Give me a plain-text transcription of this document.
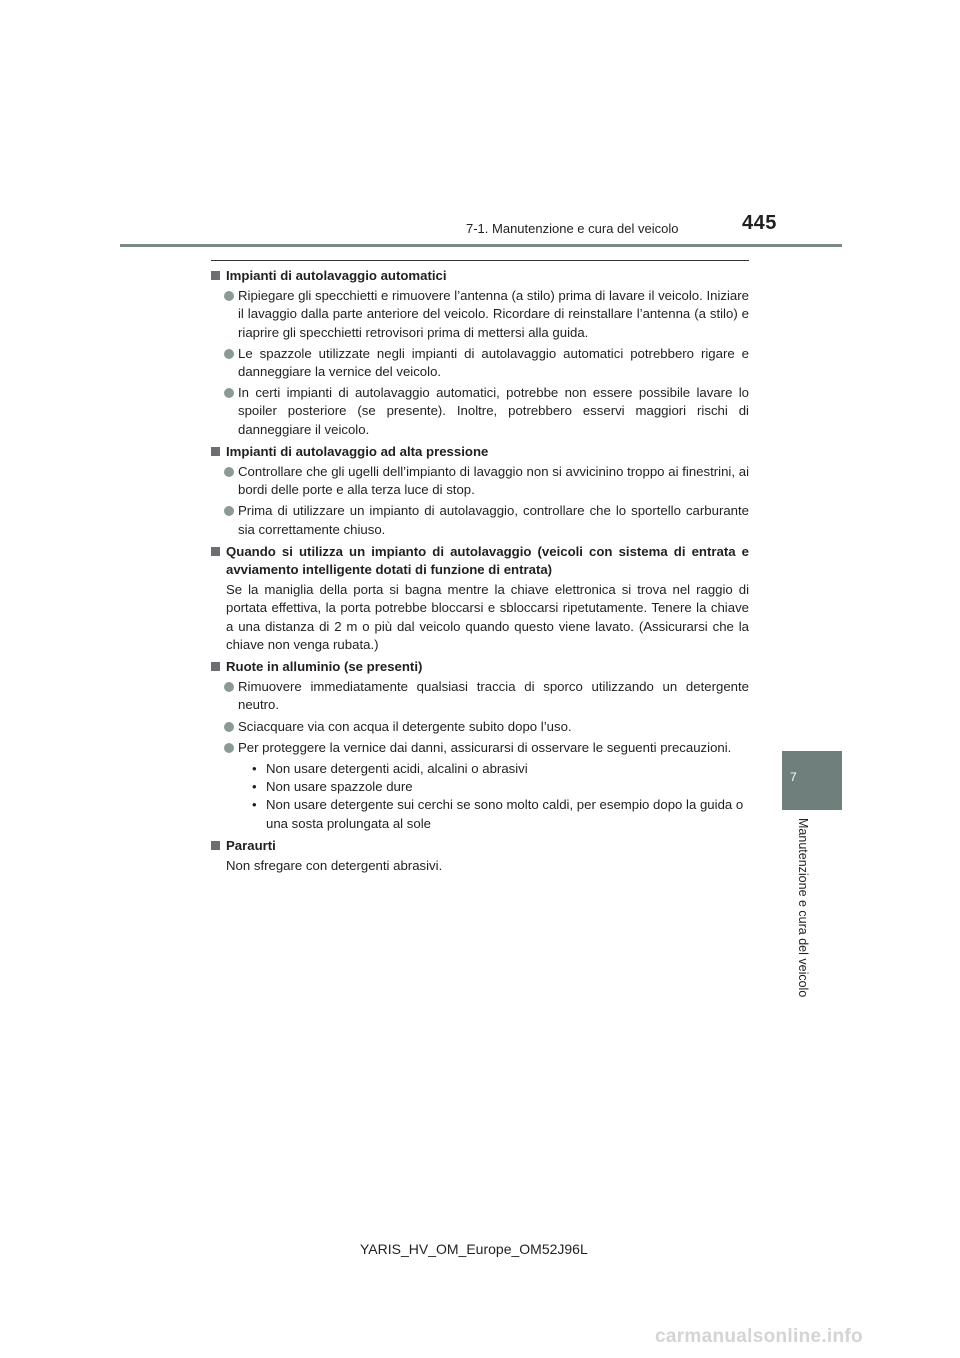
7-1. Manutenzione e cura del veicolo	445
7
Manutenzione e cura del veicolo
Impianti di autolavaggio automatici
Ripiegare gli specchietti e rimuovere l’antenna (a stilo) prima di lavare il veicolo. Iniziare il lavaggio dalla parte anteriore del veicolo. Ricordare di reinstallare l’antenna (a stilo) e riaprire gli specchietti retrovisori prima di mettersi alla guida.
Le spazzole utilizzate negli impianti di autolavaggio automatici potrebbero rigare e danneggiare la vernice del veicolo.
In certi impianti di autolavaggio automatici, potrebbe non essere possibile lavare lo spoiler posteriore (se presente). Inoltre, potrebbero esservi maggiori rischi di danneggiare il veicolo.
Impianti di autolavaggio ad alta pressione
Controllare che gli ugelli dell’impianto di lavaggio non si avvicinino troppo ai finestrini, ai bordi delle porte e alla terza luce di stop.
Prima di utilizzare un impianto di autolavaggio, controllare che lo sportello carburante sia correttamente chiuso.
Quando si utilizza un impianto di autolavaggio (veicoli con sistema di entrata e avviamento intelligente dotati di funzione di entrata)
Se la maniglia della porta si bagna mentre la chiave elettronica si trova nel raggio di portata effettiva, la porta potrebbe bloccarsi e sbloccarsi ripetutamente. Tenere la chiave a una distanza di 2 m o più dal veicolo quando questo viene lavato. (Assicurarsi che la chiave non venga rubata.)
Ruote in alluminio (se presenti)
Rimuovere immediatamente qualsiasi traccia di sporco utilizzando un detergente neutro.
Sciacquare via con acqua il detergente subito dopo l’uso.
Per proteggere la vernice dai danni, assicurarsi di osservare le seguenti precauzioni.
• Non usare detergenti acidi, alcalini o abrasivi
• Non usare spazzole dure
• Non usare detergente sui cerchi se sono molto caldi, per esempio dopo la guida o una sosta prolungata al sole
Paraurti
Non sfregare con detergenti abrasivi.
YARIS_HV_OM_Europe_OM52J96L
carmanualsonline.info
